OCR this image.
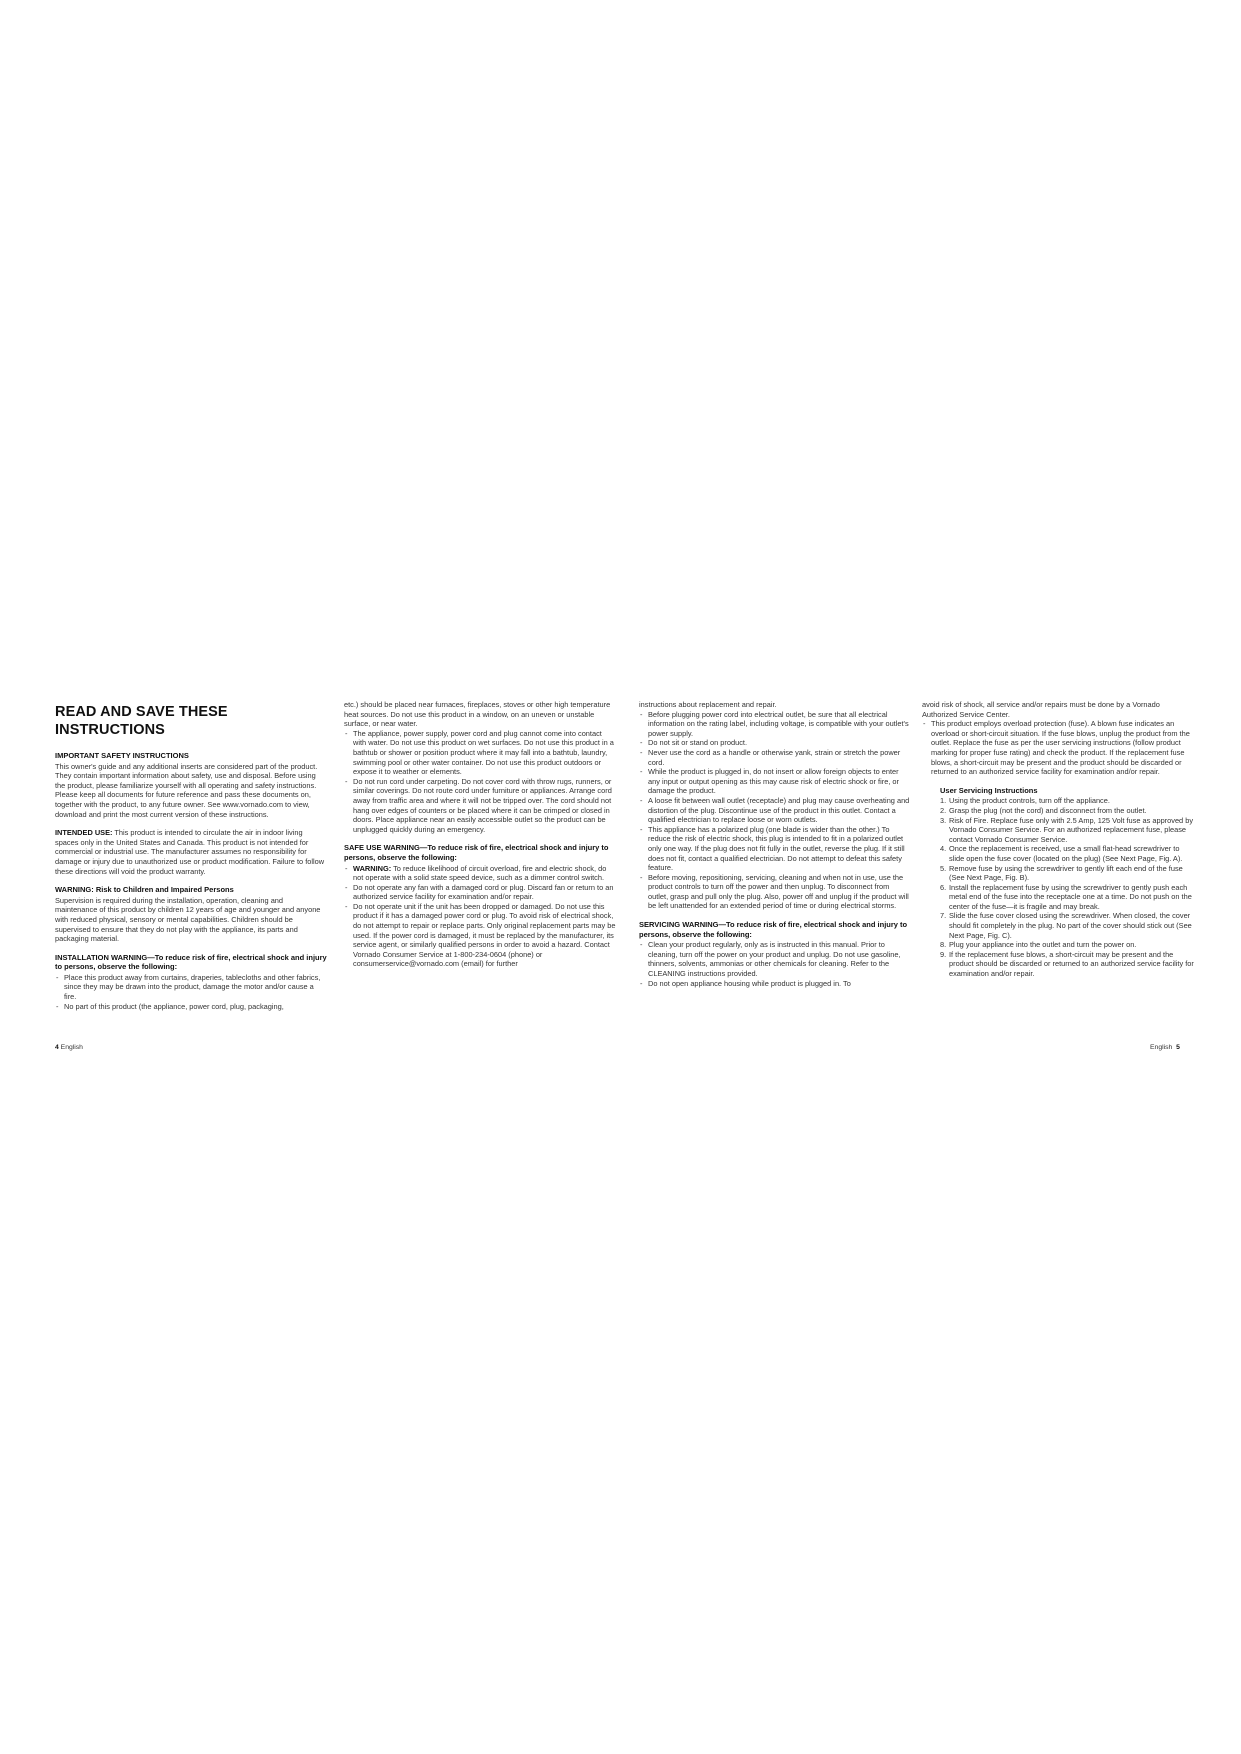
READ AND SAVE THESE INSTRUCTIONS
IMPORTANT SAFETY INSTRUCTIONS

This owner's guide and any additional inserts are considered part of the product. They contain important information about safety, use and disposal. Before using the product, please familiarize yourself with all operating and safety instructions. Please keep all documents for future reference and pass these documents on, together with the product, to any future owner. See www.vornado.com to view, download and print the most current version of these instructions.

INTENDED USE: This product is intended to circulate the air in indoor living spaces only in the United States and Canada. This product is not intended for commercial or industrial use. The manufacturer assumes no responsibility for damage or injury due to unauthorized use or product modification. Failure to follow these directions will void the product warranty.

WARNING: Risk to Children and Impaired Persons

Supervision is required during the installation, operation, cleaning and maintenance of this product by children 12 years of age and younger and anyone with reduced physical, sensory or mental capabilities. Children should be supervised to ensure that they do not play with the appliance, its parts and packaging material.

INSTALLATION WARNING—To reduce risk of fire, electrical shock and injury to persons, observe the following:
- Place this product away from curtains, draperies, tablecloths and other fabrics, since they may be drawn into the product, damage the motor and/or cause a fire.
- No part of this product (the appliance, power cord, plug, packaging,

etc.) should be placed near furnaces, fireplaces, stoves or other high temperature heat sources. Do not use this product in a window, on an uneven or unstable surface, or near water.

- The appliance, power supply, power cord and plug cannot come into contact with water. Do not use this product on wet surfaces. Do not use this product in a bathtub or shower or position product where it may fall into a bathtub, laundry, swimming pool or other water container. Do not use this product outdoors or expose it to weather or elements.
- Do not run cord under carpeting. Do not cover cord with throw rugs, runners, or similar coverings. Do not route cord under furniture or appliances. Arrange cord away from traffic area and where it will not be tripped over. The cord should not hang over edges of counters or be placed where it can be crimped or closed in doors. Place appliance near an easily accessible outlet so the product can be unplugged quickly during an emergency.
SAFE USE WARNING—To reduce risk of fire, electrical shock and injury to persons, observe the following:
- WARNING: To reduce likelihood of circuit overload, fire and electric shock, do not operate with a solid state speed device, such as a dimmer control switch.
- Do not operate any fan with a damaged cord or plug. Discard fan or return to an authorized service facility for examination and/or repair.
- Do not operate unit if the unit has been dropped or damaged. Do not use this product if it has a damaged power cord or plug. To avoid risk of electrical shock, do not attempt to repair or replace parts. Only original replacement parts may be used. If the power cord is damaged, it must be replaced by the manufacturer, its service agent, or similarly qualified persons in order to avoid a hazard. Contact Vornado Consumer Service at 1-800-234-0604 (phone) or consumerservice@vornado.com (email) for further

instructions about replacement and repair.

- Before plugging power cord into electrical outlet, be sure that all electrical information on the rating label, including voltage, is compatible with your outlet's power supply.
- Do not sit or stand on product.
- Never use the cord as a handle or otherwise yank, strain or stretch the power cord.
- While the product is plugged in, do not insert or allow foreign objects to enter any input or output opening as this may cause risk of electric shock or fire, or damage the product.
- A loose fit between wall outlet (receptacle) and plug may cause overheating and distortion of the plug. Discontinue use of the product in this outlet. Contact a qualified electrician to replace loose or worn outlets.
- This appliance has a polarized plug (one blade is wider than the other.) To reduce the risk of electric shock, this plug is intended to fit in a polarized outlet only one way. If the plug does not fit fully in the outlet, reverse the plug. If it still does not fit, contact a qualified electrician. Do not attempt to defeat this safety feature.
- Before moving, repositioning, servicing, cleaning and when not in use, use the product controls to turn off the power and then unplug. To disconnect from outlet, grasp and pull only the plug. Also, power off and unplug if the product will be left unattended for an extended period of time or during electrical storms.
SERVICING WARNING—To reduce risk of fire, electrical shock and injury to persons, observe the following:
- Clean your product regularly, only as is instructed in this manual. Prior to cleaning, turn off the power on your product and unplug. Do not use gasoline, thinners, solvents, ammonias or other chemicals for cleaning. Refer to the CLEANING instructions provided.
- Do not open appliance housing while product is plugged in. To

avoid risk of shock, all service and/or repairs must be done by a Vornado Authorized Service Center.

- This product employs overload protection (fuse). A blown fuse indicates an overload or short-circuit situation. If the fuse blows, unplug the product from the outlet. Replace the fuse as per the user servicing instructions (follow product marking for proper fuse rating) and check the product. If the replacement fuse blows, a short-circuit may be present and the product should be discarded or returned to an authorized service facility for examination and/or repair.
User Servicing Instructions
1. Using the product controls, turn off the appliance.
2. Grasp the plug (not the cord) and disconnect from the outlet.
3. Risk of Fire. Replace fuse only with 2.5 Amp, 125 Volt fuse as approved by Vornado Consumer Service. For an authorized replacement fuse, please contact Vornado Consumer Service.
4. Once the replacement is received, use a small flat-head screwdriver to slide open the fuse cover (located on the plug) (See Next Page, Fig. A).
5. Remove fuse by using the screwdriver to gently lift each end of the fuse (See Next Page, Fig. B).
6. Install the replacement fuse by using the screwdriver to gently push each metal end of the fuse into the receptacle one at a time. Do not push on the center of the fuse—it is fragile and may break.
7. Slide the fuse cover closed using the screwdriver. When closed, the cover should fit completely in the plug. No part of the cover should stick out (See Next Page, Fig. C).
8. Plug your appliance into the outlet and turn the power on.
9. If the replacement fuse blows, a short-circuit may be present and the product should be discarded or returned to an authorized service facility for examination and/or repair.
4 English	English 5
